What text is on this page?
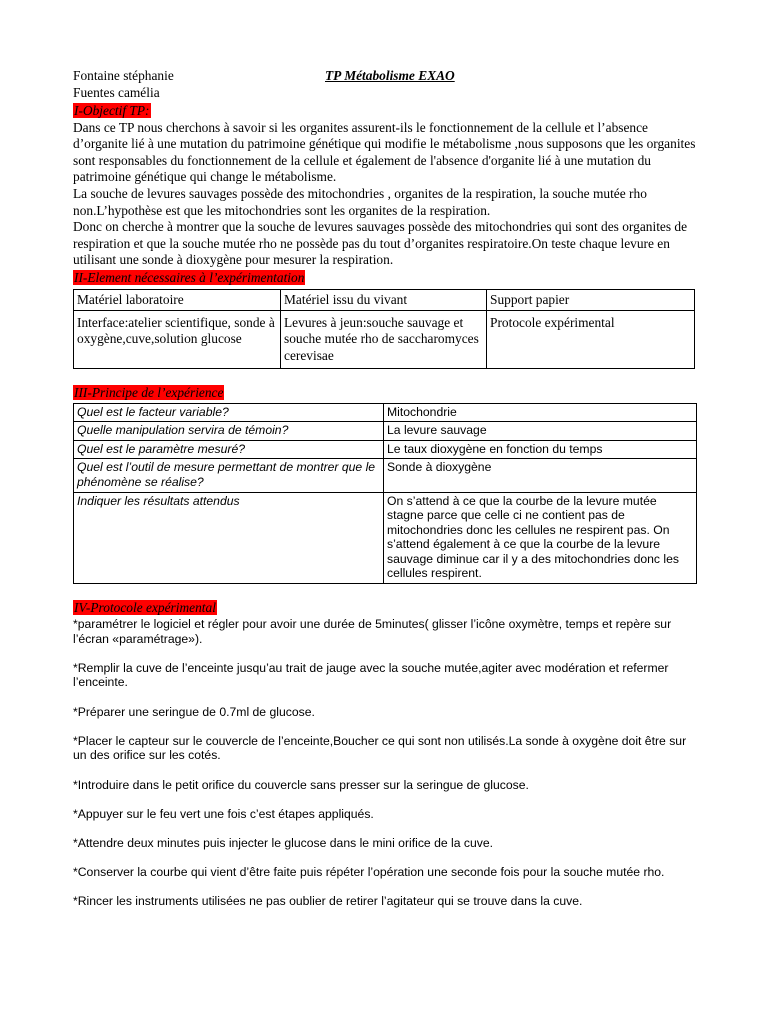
Fontaine stéphanie	TP Métabolisme EXAO
Fuentes camélia
I-Objectif TP:

Dans ce TP nous cherchons à savoir si les organites assurent-ils le fonctionnement de la cellule et l’absence d’organite lié à une mutation du patrimoine génétique qui modifie le métabolisme ,nous supposons que les organites sont responsables du fonctionnement de la cellule et également de l'absence d'organite lié à une mutation du patrimoine génétique qui change le métabolisme.

La souche de levures sauvages possède des mitochondries , organites de la respiration, la souche mutée rho non.L’hypothèse est que les mitochondries sont les organites de la respiration.

Donc on cherche à montrer que la souche de levures sauvages possède des mitochondries qui sont des organites de respiration et que la souche mutée rho ne possède pas du tout d’organites respiratoire.On teste chaque levure en utilisant une sonde à dioxygène pour mesurer la respiration.

II-Element nécessaires à l’expérimentation
Matériel laboratoire	Matériel issu du vivant	Support papier
Interface:atelier scientifique, sonde à oxygène,cuve,solution glucose	Levures à jeun:souche sauvage et souche mutée rho de saccharomyces cerevisae	Protocole expérimental
III-Principe de l’expérience
Quel est le facteur variable?	Mitochondrie
Quelle manipulation servira de témoin?	La levure sauvage
Quel est le paramètre mesuré?	Le taux dioxygène en fonction du temps
Quel est l’outil de mesure permettant de montrer que le phénomène se réalise?	Sonde à dioxygène
Indiquer les résultats attendus	On s’attend à ce que la courbe de la levure mutée stagne parce que celle ci ne contient pas de mitochondries donc les cellules ne respirent pas. On s’attend également à ce que la courbe de la levure sauvage diminue car il y a des mitochondries donc les cellules respirent.
IV-Protocole expérimental

*paramétrer le logiciel et régler pour avoir une durée de 5minutes( glisser l’icône oxymètre, temps et repère sur l’écran «paramétrage»).

*Remplir la cuve de l’enceinte jusqu’au trait de jauge avec la souche mutée,agiter avec modération et refermer l’enceinte.

*Préparer une seringue de 0.7ml de glucose.

*Placer le capteur sur le couvercle de l’enceinte,Boucher ce qui sont non utilisés.La sonde à oxygène doit être sur un des orifice sur les cotés.

*Introduire dans le petit orifice du couvercle sans presser sur la seringue de glucose.

*Appuyer sur le feu vert une fois c’est étapes appliqués.

*Attendre deux minutes puis injecter le glucose dans le mini orifice de la cuve.

*Conserver la courbe qui vient d’être faite puis répéter l’opération une seconde fois pour la souche mutée rho.

*Rincer les instruments utilisées ne pas oublier de retirer l’agitateur qui se trouve dans la cuve.
